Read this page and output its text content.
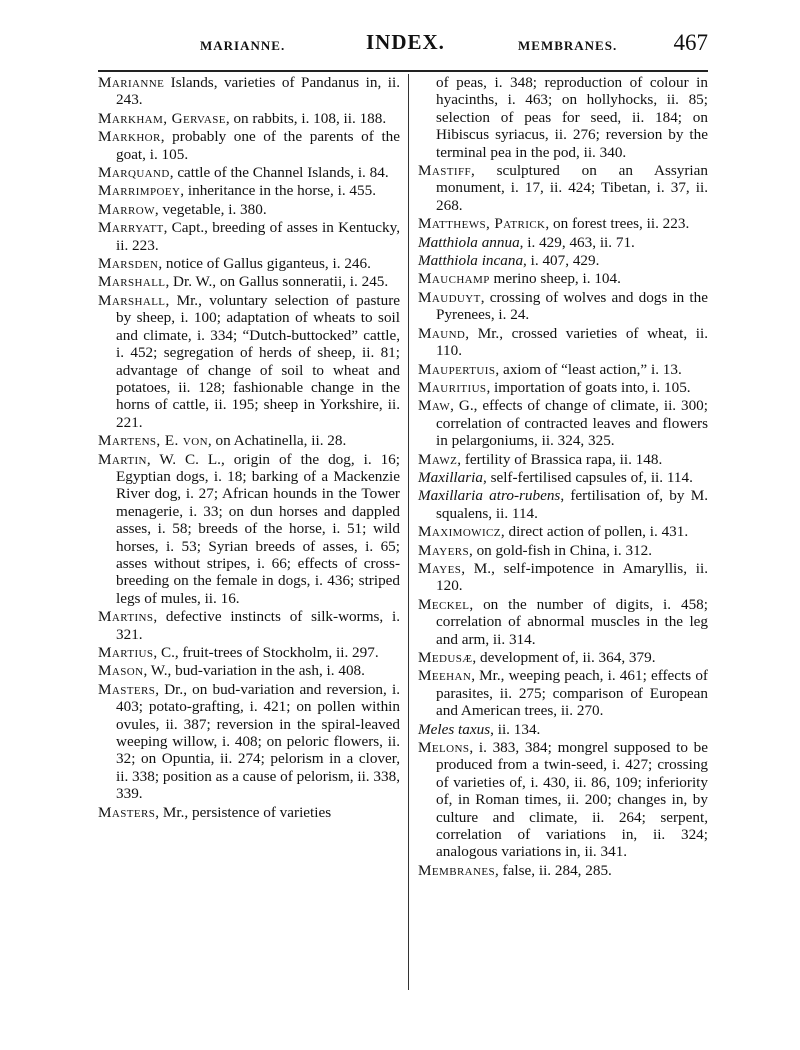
MARIANNE.	INDEX.	MEMBRANES. 467

Marianne Islands, varieties of Pandanus in, ii. 243.

Markham, Gervase, on rabbits, i. 108, ii. 188.

Markhor, probably one of the parents of the goat, i. 105.

Marquand, cattle of the Channel Islands, i. 84.

Marrimpoey, inheritance in the horse, i. 455.

Marrow, vegetable, i. 380.

Marryatt, Capt., breeding of asses in Kentucky, ii. 223.

Marsden, notice of Gallus giganteus, i. 246.

Marshall, Dr. W., on Gallus sonneratii, i. 245.

Marshall, Mr., voluntary selection of pasture by sheep, i. 100; adaptation of wheats to soil and climate, i. 334; “Dutch-buttocked” cattle, i. 452; segregation of herds of sheep, ii. 81; advantage of change of soil to wheat and potatoes, ii. 128; fashionable change in the horns of cattle, ii. 195; sheep in Yorkshire, ii. 221.

Martens, E. von, on Achatinella, ii. 28.

Martin, W. C. L., origin of the dog, i. 16; Egyptian dogs, i. 18; barking of a Mackenzie River dog, i. 27; African hounds in the Tower menagerie, i. 33; on dun horses and dappled asses, i. 58; breeds of the horse, i. 51; wild horses, i. 53; Syrian breeds of asses, i. 65; asses without stripes, i. 66; effects of cross-breeding on the female in dogs, i. 436; striped legs of mules, ii. 16.

Martins, defective instincts of silk-worms, i. 321.

Martius, C., fruit-trees of Stockholm, ii. 297.

Mason, W., bud-variation in the ash, i. 408.

Masters, Dr., on bud-variation and reversion, i. 403; potato-grafting, i. 421; on pollen within ovules, ii. 387; reversion in the spiral-leaved weeping willow, i. 408; on peloric flowers, ii. 32; on Opuntia, ii. 274; pelorism in a clover, ii. 338; position as a cause of pelorism, ii. 338, 339.

Masters, Mr., persistence of varieties

of peas, i. 348; reproduction of colour in hyacinths, i. 463; on hollyhocks, ii. 85; selection of peas for seed, ii. 184; on Hibiscus syriacus, ii. 276; reversion by the terminal pea in the pod, ii. 340.

Mastiff, sculptured on an Assyrian monument, i. 17, ii. 424; Tibetan, i. 37, ii. 268.

Matthews, Patrick, on forest trees, ii. 223.

Matthiola annua, i. 429, 463, ii. 71.

Matthiola incana, i. 407, 429.

Mauchamp merino sheep, i. 104.

Mauduyt, crossing of wolves and dogs in the Pyrenees, i. 24.

Maund, Mr., crossed varieties of wheat, ii. 110.

Maupertuis, axiom of “least action,” i. 13.

Mauritius, importation of goats into, i. 105.

Maw, G., effects of change of climate, ii. 300; correlation of contracted leaves and flowers in pelargoniums, ii. 324, 325.

Mawz, fertility of Brassica rapa, ii. 148.

Maxillaria, self-fertilised capsules of, ii. 114.

Maxillaria atro-rubens, fertilisation of, by M. squalens, ii. 114.

Maximowicz, direct action of pollen, i. 431.

Mayers, on gold-fish in China, i. 312.

Mayes, M., self-impotence in Amaryllis, ii. 120.

Meckel, on the number of digits, i. 458; correlation of abnormal muscles in the leg and arm, ii. 314.

Medusæ, development of, ii. 364, 379.

Meehan, Mr., weeping peach, i. 461; effects of parasites, ii. 275; comparison of European and American trees, ii. 270.

Meles taxus, ii. 134.

Melons, i. 383, 384; mongrel supposed to be produced from a twin-seed, i. 427; crossing of varieties of, i. 430, ii. 86, 109; inferiority of, in Roman times, ii. 200; changes in, by culture and climate, ii. 264; serpent, correlation of variations in, ii. 324; analogous variations in, ii. 341.

Membranes, false, ii. 284, 285.
